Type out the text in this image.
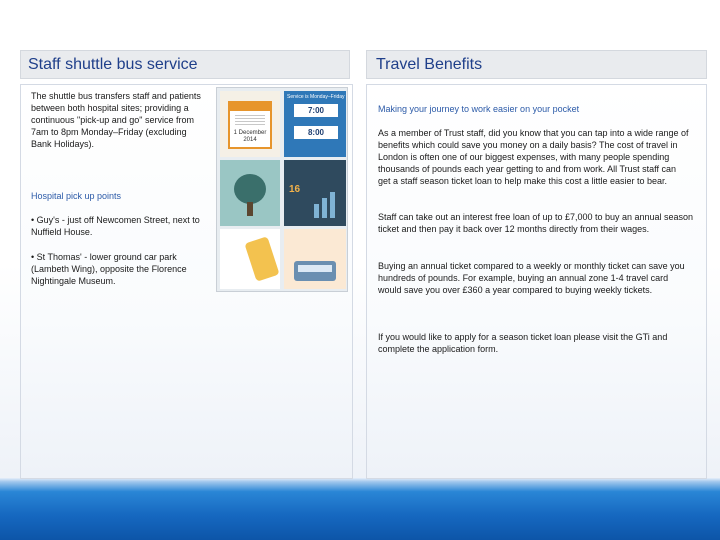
Staff shuttle bus service	Travel Benefits
The shuttle bus transfers staff and patients between both hospital sites; providing a continuous "pick-up and go" service from 7am to 8pm Monday–Friday (excluding Bank Holidays).
Hospital pick up points
• Guy's - just off Newcomen Street, next to Nuffield House.
• St Thomas' - lower ground car park (Lambeth Wing), opposite the Florence Nightingale Museum.
1 December 2014
Service is Monday–Friday
7:00
8:00
16
Making your journey to work easier on your pocket
As a member of Trust staff, did you know that you can tap into a wide range of benefits which could save you money on a daily basis? The cost of travel in London is often one of our biggest expenses, with many people spending thousands of pounds each year getting to and from work. All Trust staff can get a staff season ticket loan to help make this cost a little easier to bear.
Staff can take out an interest free loan of up to £7,000 to buy an annual season ticket and then pay it back over 12 months directly from their wages.
Buying an annual ticket compared to a weekly or monthly ticket can save you hundreds of pounds. For example, buying an annual zone 1-4 travel card would save you over £360 a year compared to buying weekly tickets.
If you would like to apply for a season ticket loan please visit the GTi and complete the application form.
